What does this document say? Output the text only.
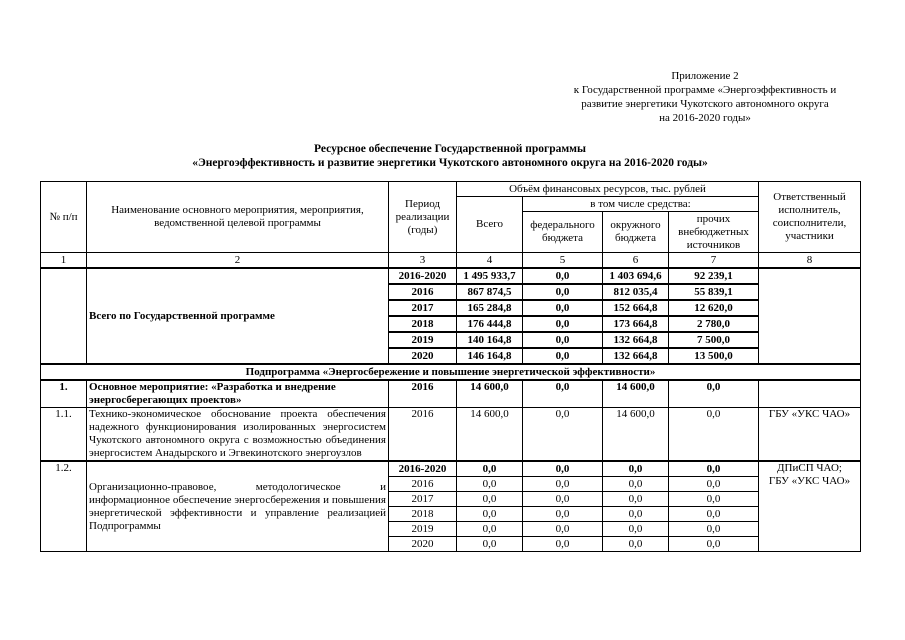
Приложение 2
к Государственной программе «Энергоэффективность и
развитие энергетики Чукотского автономного округа
на 2016-2020 годы»
Ресурсное обеспечение Государственной программы
«Энергоэффективность и развитие энергетики Чукотского автономного округа на 2016-2020 годы»
№ п/п	Наименование основного мероприятия, мероприятия, ведомственной целевой программы	Период реализации (годы)	Объём финансовых ресурсов, тыс. рублей				Ответственный исполнитель, соисполнители, участники
			Всего	в том числе средства:			
				федерального бюджета	окружного бюджета	прочих внебюджетных источников	
1	2	3	4	5	6	7	8
	Всего по Государственной программе	2016-2020	1 495 933,7	0,0	1 403 694,6	92 239,1	
		2016	867 874,5	0,0	812 035,4	55 839,1	
		2017	165 284,8	0,0	152 664,8	12 620,0	
		2018	176 444,8	0,0	173 664,8	2 780,0	
		2019	140 164,8	0,0	132 664,8	7 500,0	
		2020	146 164,8	0,0	132 664,8	13 500,0	
Подпрограмма «Энергосбережение и повышение энергетической эффективности»							
1.	Основное мероприятие: «Разработка и внедрение энергосберегающих проектов»	2016	14 600,0	0,0	14 600,0	0,0	
1.1.	Технико-экономическое обоснование проекта обеспечения надежного функционирования изолированных энергосистем Чукотского автономного округа с возможностью объединения энергосистем Анадырского и Эгвекинотского энергоузлов	2016	14 600,0	0,0	14 600,0	0,0	ГБУ «УКС ЧАО»
1.2.	Организационно-правовое, методологическое и информационное обеспечение энергосбережения и повышения энергетической эффективности и управление реализацией Подпрограммы	2016-2020	0,0	0,0	0,0	0,0	ДПиСП ЧАО;
ГБУ «УКС ЧАО»

		2016	0,0	0,0	0,0	0,0	
		2017	0,0	0,0	0,0	0,0	
		2018	0,0	0,0	0,0	0,0	
		2019	0,0	0,0	0,0	0,0	
		2020	0,0	0,0	0,0	0,0	
